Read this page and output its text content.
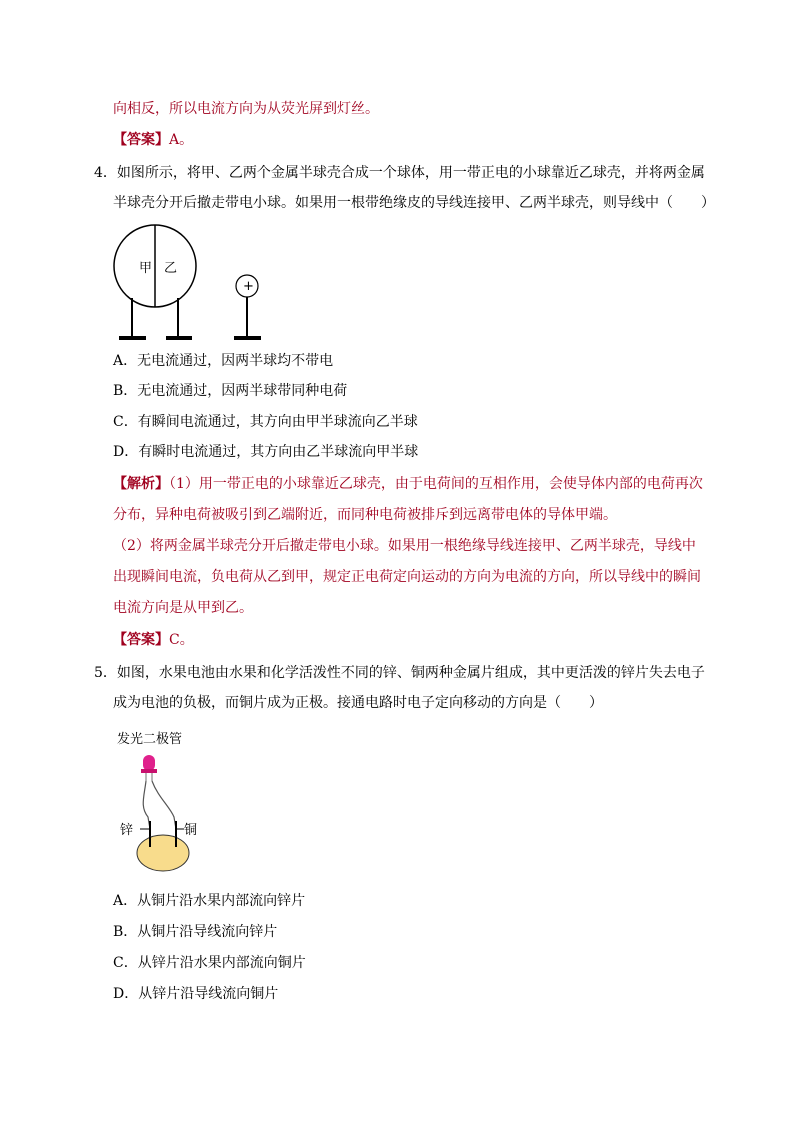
向相反，所以电流方向为从荧光屏到灯丝。
【答案】A。
4．如图所示，将甲、乙两个金属半球壳合成一个球体，用一带正电的小球靠近乙球壳，并将两金属
半球壳分开后撤走带电小球。如果用一根带绝缘皮的导线连接甲、乙两半球壳，则导线中（　　）
甲 乙
+
A．无电流通过，因两半球均不带电
B．无电流通过，因两半球带同种电荷
C．有瞬间电流通过，其方向由甲半球流向乙半球
D．有瞬时电流通过，其方向由乙半球流向甲半球
【解析】（1）用一带正电的小球靠近乙球壳，由于电荷间的互相作用，会使导体内部的电荷再次
分布，异种电荷被吸引到乙端附近，而同种电荷被排斥到远离带电体的导体甲端。
（2）将两金属半球壳分开后撤走带电小球。如果用一根绝缘导线连接甲、乙两半球壳，导线中
出现瞬间电流，负电荷从乙到甲，规定正电荷定向运动的方向为电流的方向，所以导线中的瞬间
电流方向是从甲到乙。
【答案】C。
5．如图，水果电池由水果和化学活泼性不同的锌、铜两种金属片组成，其中更活泼的锌片失去电子
成为电池的负极，而铜片成为正极。接通电路时电子定向移动的方向是（　　）
发光二极管
锌	铜
A．从铜片沿水果内部流向锌片
B．从铜片沿导线流向锌片
C．从锌片沿水果内部流向铜片
D．从锌片沿导线流向铜片
